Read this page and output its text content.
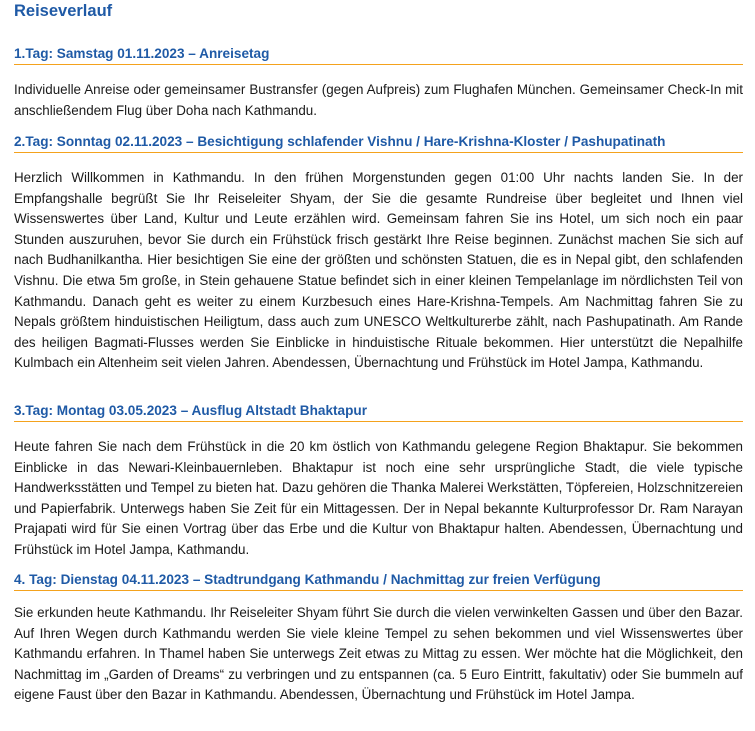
Reiseverlauf
1.Tag: Samstag 01.11.2023 – Anreisetag
Individuelle Anreise oder gemeinsamer Bustransfer (gegen Aufpreis) zum Flughafen München. Gemeinsamer Check-In mit anschließendem Flug über Doha nach Kathmandu.
2.Tag: Sonntag 02.11.2023 – Besichtigung schlafender Vishnu / Hare-Krishna-Kloster / Pashupatinath
Herzlich Willkommen in Kathmandu. In den frühen Morgenstunden gegen 01:00 Uhr nachts landen Sie. In der Empfangshalle begrüßt Sie Ihr Reiseleiter Shyam, der Sie die gesamte Rundreise über begleitet und Ihnen viel Wissenswertes über Land, Kultur und Leute erzählen wird. Gemeinsam fahren Sie ins Hotel, um sich noch ein paar Stunden auszuruhen, bevor Sie durch ein Frühstück frisch gestärkt Ihre Reise beginnen. Zunächst machen Sie sich auf nach Budhanilkantha. Hier besichtigen Sie eine der größten und schönsten Statuen, die es in Nepal gibt, den schlafenden Vishnu. Die etwa 5m große, in Stein gehauene Statue befindet sich in einer kleinen Tempelanlage im nördlichsten Teil von Kathmandu. Danach geht es weiter zu einem Kurzbesuch eines Hare-Krishna-Tempels. Am Nachmittag fahren Sie zu Nepals größtem hinduistischen Heiligtum, dass auch zum UNESCO Weltkulturerbe zählt, nach Pashupatinath. Am Rande des heiligen Bagmati-Flusses werden Sie Einblicke in hinduistische Rituale bekommen. Hier unterstützt die Nepalhilfe Kulmbach ein Altenheim seit vielen Jahren. Abendessen, Übernachtung und Frühstück im Hotel Jampa, Kathmandu.
3.Tag: Montag 03.05.2023 – Ausflug Altstadt Bhaktapur
Heute fahren Sie nach dem Frühstück in die 20 km östlich von Kathmandu gelegene Region Bhaktapur. Sie bekommen Einblicke in das Newari-Kleinbauernleben. Bhaktapur ist noch eine sehr ursprüngliche Stadt, die viele typische Handwerksstätten und Tempel zu bieten hat. Dazu gehören die Thanka Malerei Werkstätten, Töpfereien, Holzschnitzereien und Papierfabrik. Unterwegs haben Sie Zeit für ein Mittagessen. Der in Nepal bekannte Kulturprofessor Dr. Ram Narayan Prajapati wird für Sie einen Vortrag über das Erbe und die Kultur von Bhaktapur halten. Abendessen, Übernachtung und Frühstück im Hotel Jampa, Kathmandu.
4. Tag: Dienstag 04.11.2023 – Stadtrundgang Kathmandu / Nachmittag zur freien Verfügung
Sie erkunden heute Kathmandu. Ihr Reiseleiter Shyam führt Sie durch die vielen verwinkelten Gassen und über den Bazar. Auf Ihren Wegen durch Kathmandu werden Sie viele kleine Tempel zu sehen bekommen und viel Wissenswertes über Kathmandu erfahren. In Thamel haben Sie unterwegs Zeit etwas zu Mittag zu essen. Wer möchte hat die Möglichkeit, den Nachmittag im „Garden of Dreams“ zu verbringen und zu entspannen (ca. 5 Euro Eintritt, fakultativ) oder Sie bummeln auf eigene Faust über den Bazar in Kathmandu. Abendessen, Übernachtung und Frühstück im Hotel Jampa.
